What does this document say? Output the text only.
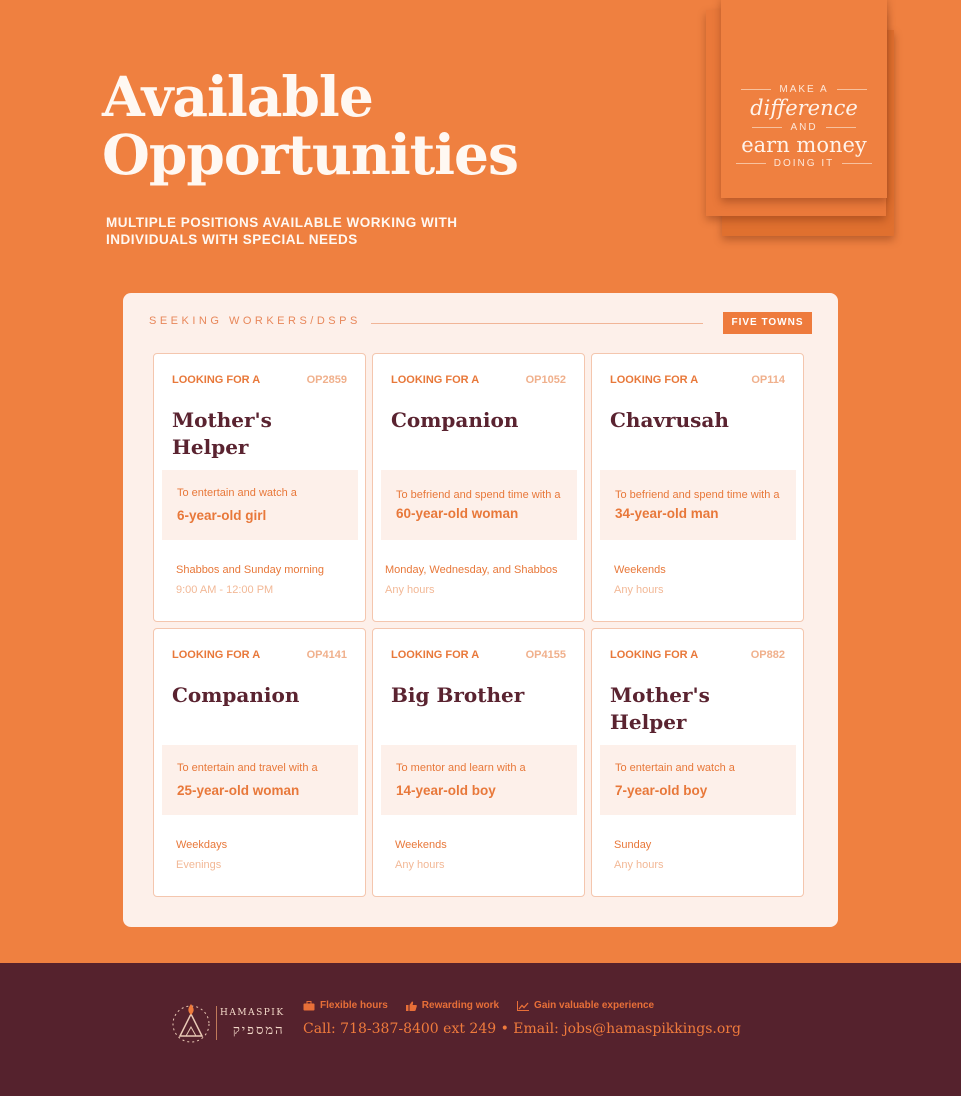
Available
Opportunities
MULTIPLE POSITIONS AVAILABLE WORKING WITH INDIVIDUALS WITH SPECIAL NEEDS
MAKE A
difference
AND
earn money
DOING IT
SEEKING WORKERS/DSPS	FIVE TOWNS
LOOKING FOR A	OP2859
Mother's Helper
To entertain and watch a
6-year-old girl
Shabbos and Sunday morning
9:00 AM - 12:00 PM
LOOKING FOR A	OP1052
Companion
To befriend and spend time with a
60-year-old woman
Monday, Wednesday, and Shabbos
Any hours
LOOKING FOR A	OP114
Chavrusah
To befriend and spend time with a
34-year-old man
Weekends
Any hours
LOOKING FOR A	OP4141
Companion
To entertain and travel with a
25-year-old woman
Weekdays
Evenings
LOOKING FOR A	OP4155
Big Brother
To mentor and learn with a
14-year-old boy
Weekends
Any hours
LOOKING FOR A	OP882
Mother's Helper
To entertain and watch a
7-year-old boy
Sunday
Any hours
HAMASPIK
המספיק
Flexible hours	Rewarding work	Gain valuable experience
Call: 718-387-8400 ext 249 • Email: jobs@hamaspikkings.org
